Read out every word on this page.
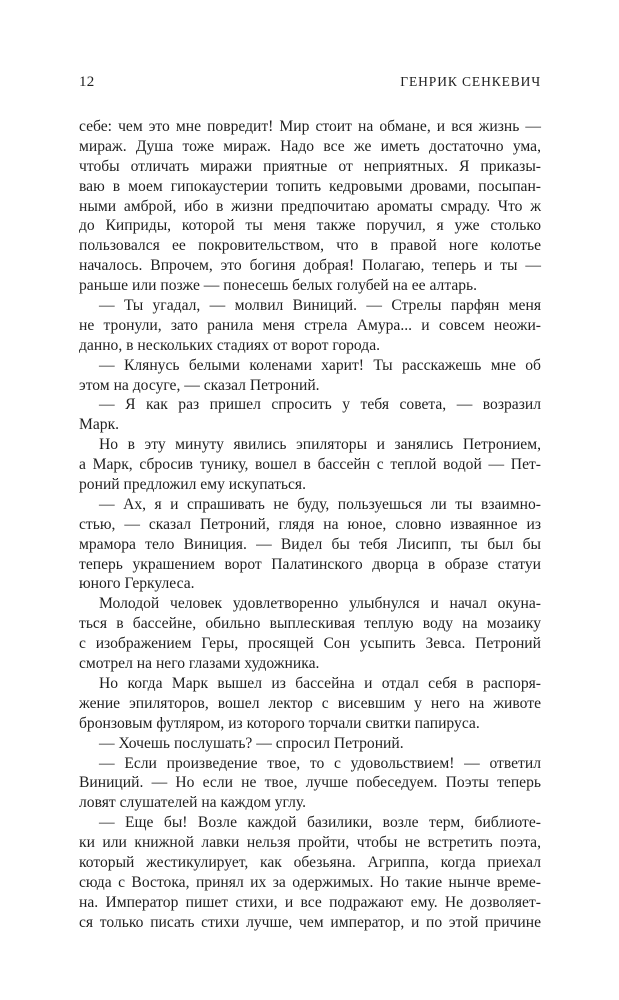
12	ГЕНРИК СЕНКЕВИЧ
себе: чем это мне повредит! Мир стоит на обмане, и вся жизнь —
мираж. Душа тоже мираж. Надо все же иметь достаточно ума,
чтобы отличать миражи приятные от неприятных. Я приказы-
ваю в моем гипокаустерии топить кедровыми дровами, посыпан-
ными амброй, ибо в жизни предпочитаю ароматы смраду. Что ж
до Киприды, которой ты меня также поручил, я уже столько
пользовался ее покровительством, что в правой ноге колотье
началось. Впрочем, это богиня добрая! Полагаю, теперь и ты —
раньше или позже — понесешь белых голубей на ее алтарь.
— Ты угадал, — молвил Виниций. — Стрелы парфян меня
не тронули, зато ранила меня стрела Амура... и совсем неожи-
данно, в нескольких стадиях от ворот города.
— Клянусь белыми коленами харит! Ты расскажешь мне об
этом на досуге, — сказал Петроний.
— Я как раз пришел спросить у тебя совета, — возразил
Марк.
Но в эту минуту явились эпиляторы и занялись Петронием,
а Марк, сбросив тунику, вошел в бассейн с теплой водой — Пет-
роний предложил ему искупаться.
— Ах, я и спрашивать не буду, пользуешься ли ты взаимно-
стью, — сказал Петроний, глядя на юное, словно изваянное из
мрамора тело Виниция. — Видел бы тебя Лисипп, ты был бы
теперь украшением ворот Палатинского дворца в образе статуи
юного Геркулеса.
Молодой человек удовлетворенно улыбнулся и начал окуна-
ться в бассейне, обильно выплескивая теплую воду на мозаику
с изображением Геры, просящей Сон усыпить Зевса. Петроний
смотрел на него глазами художника.
Но когда Марк вышел из бассейна и отдал себя в распоря-
жение эпиляторов, вошел лектор с висевшим у него на животе
бронзовым футляром, из которого торчали свитки папируса.
— Хочешь послушать? — спросил Петроний.
— Если произведение твое, то с удовольствием! — ответил
Виниций. — Но если не твое, лучше побеседуем. Поэты теперь
ловят слушателей на каждом углу.
— Еще бы! Возле каждой базилики, возле терм, библиоте-
ки или книжной лавки нельзя пройти, чтобы не встретить поэта,
который жестикулирует, как обезьяна. Агриппа, когда приехал
сюда с Востока, принял их за одержимых. Но такие нынче време-
на. Император пишет стихи, и все подражают ему. Не дозволяет-
ся только писать стихи лучше, чем император, и по этой причине
